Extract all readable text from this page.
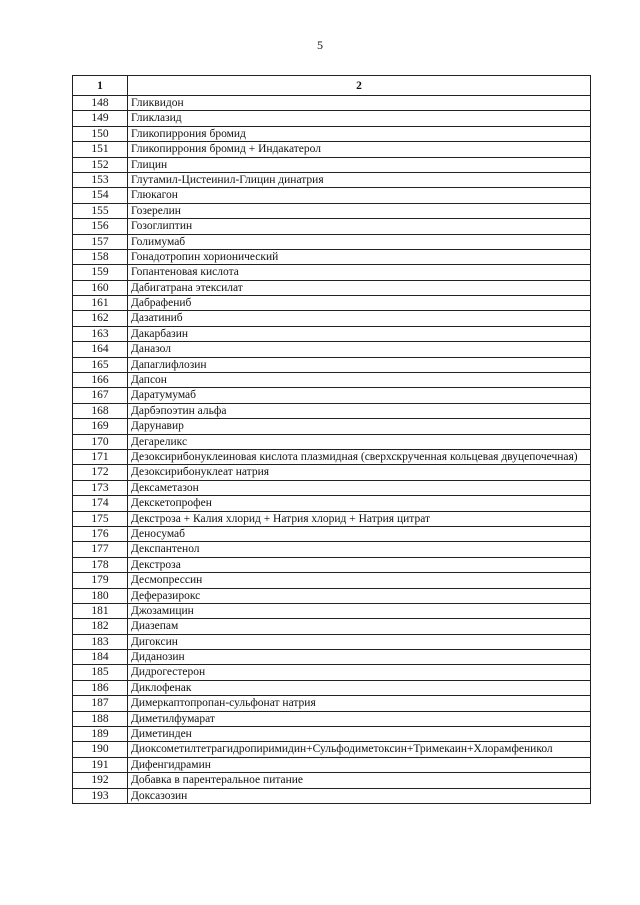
5
1	2
148	Гликвидон
149	Гликлазид
150	Гликопиррония бромид
151	Гликопиррония бромид + Индакатерол
152	Глицин
153	Глутамил-Цистеинил-Глицин динатрия
154	Глюкагон
155	Гозерелин
156	Гозоглиптин
157	Голимумаб
158	Гонадотропин хорионический
159	Гопантеновая кислота
160	Дабигатрана этексилат
161	Дабрафениб
162	Дазатиниб
163	Дакарбазин
164	Даназол
165	Дапаглифлозин
166	Дапсон
167	Даратумумаб
168	Дарбэпоэтин альфа
169	Дарунавир
170	Дегареликс
171	Дезоксирибонуклеиновая кислота плазмидная (сверхскрученная кольцевая двуцепочечная)
172	Дезоксирибонуклеат натрия
173	Дексаметазон
174	Декскетопрофен
175	Декстроза + Калия хлорид + Натрия хлорид + Натрия цитрат
176	Деносумаб
177	Декспантенол
178	Декстроза
179	Десмопрессин
180	Деферазирокс
181	Джозамицин
182	Диазепам
183	Дигоксин
184	Диданозин
185	Дидрогестерон
186	Диклофенак
187	Димеркаптопропан-сульфонат натрия
188	Диметилфумарат
189	Диметинден
190	Диоксометилтетрагидропиримидин+Сульфодиметоксин+Тримекаин+Хлорамфеникол
191	Дифенгидрамин
192	Добавка в парентеральное питание
193	Доксазозин
